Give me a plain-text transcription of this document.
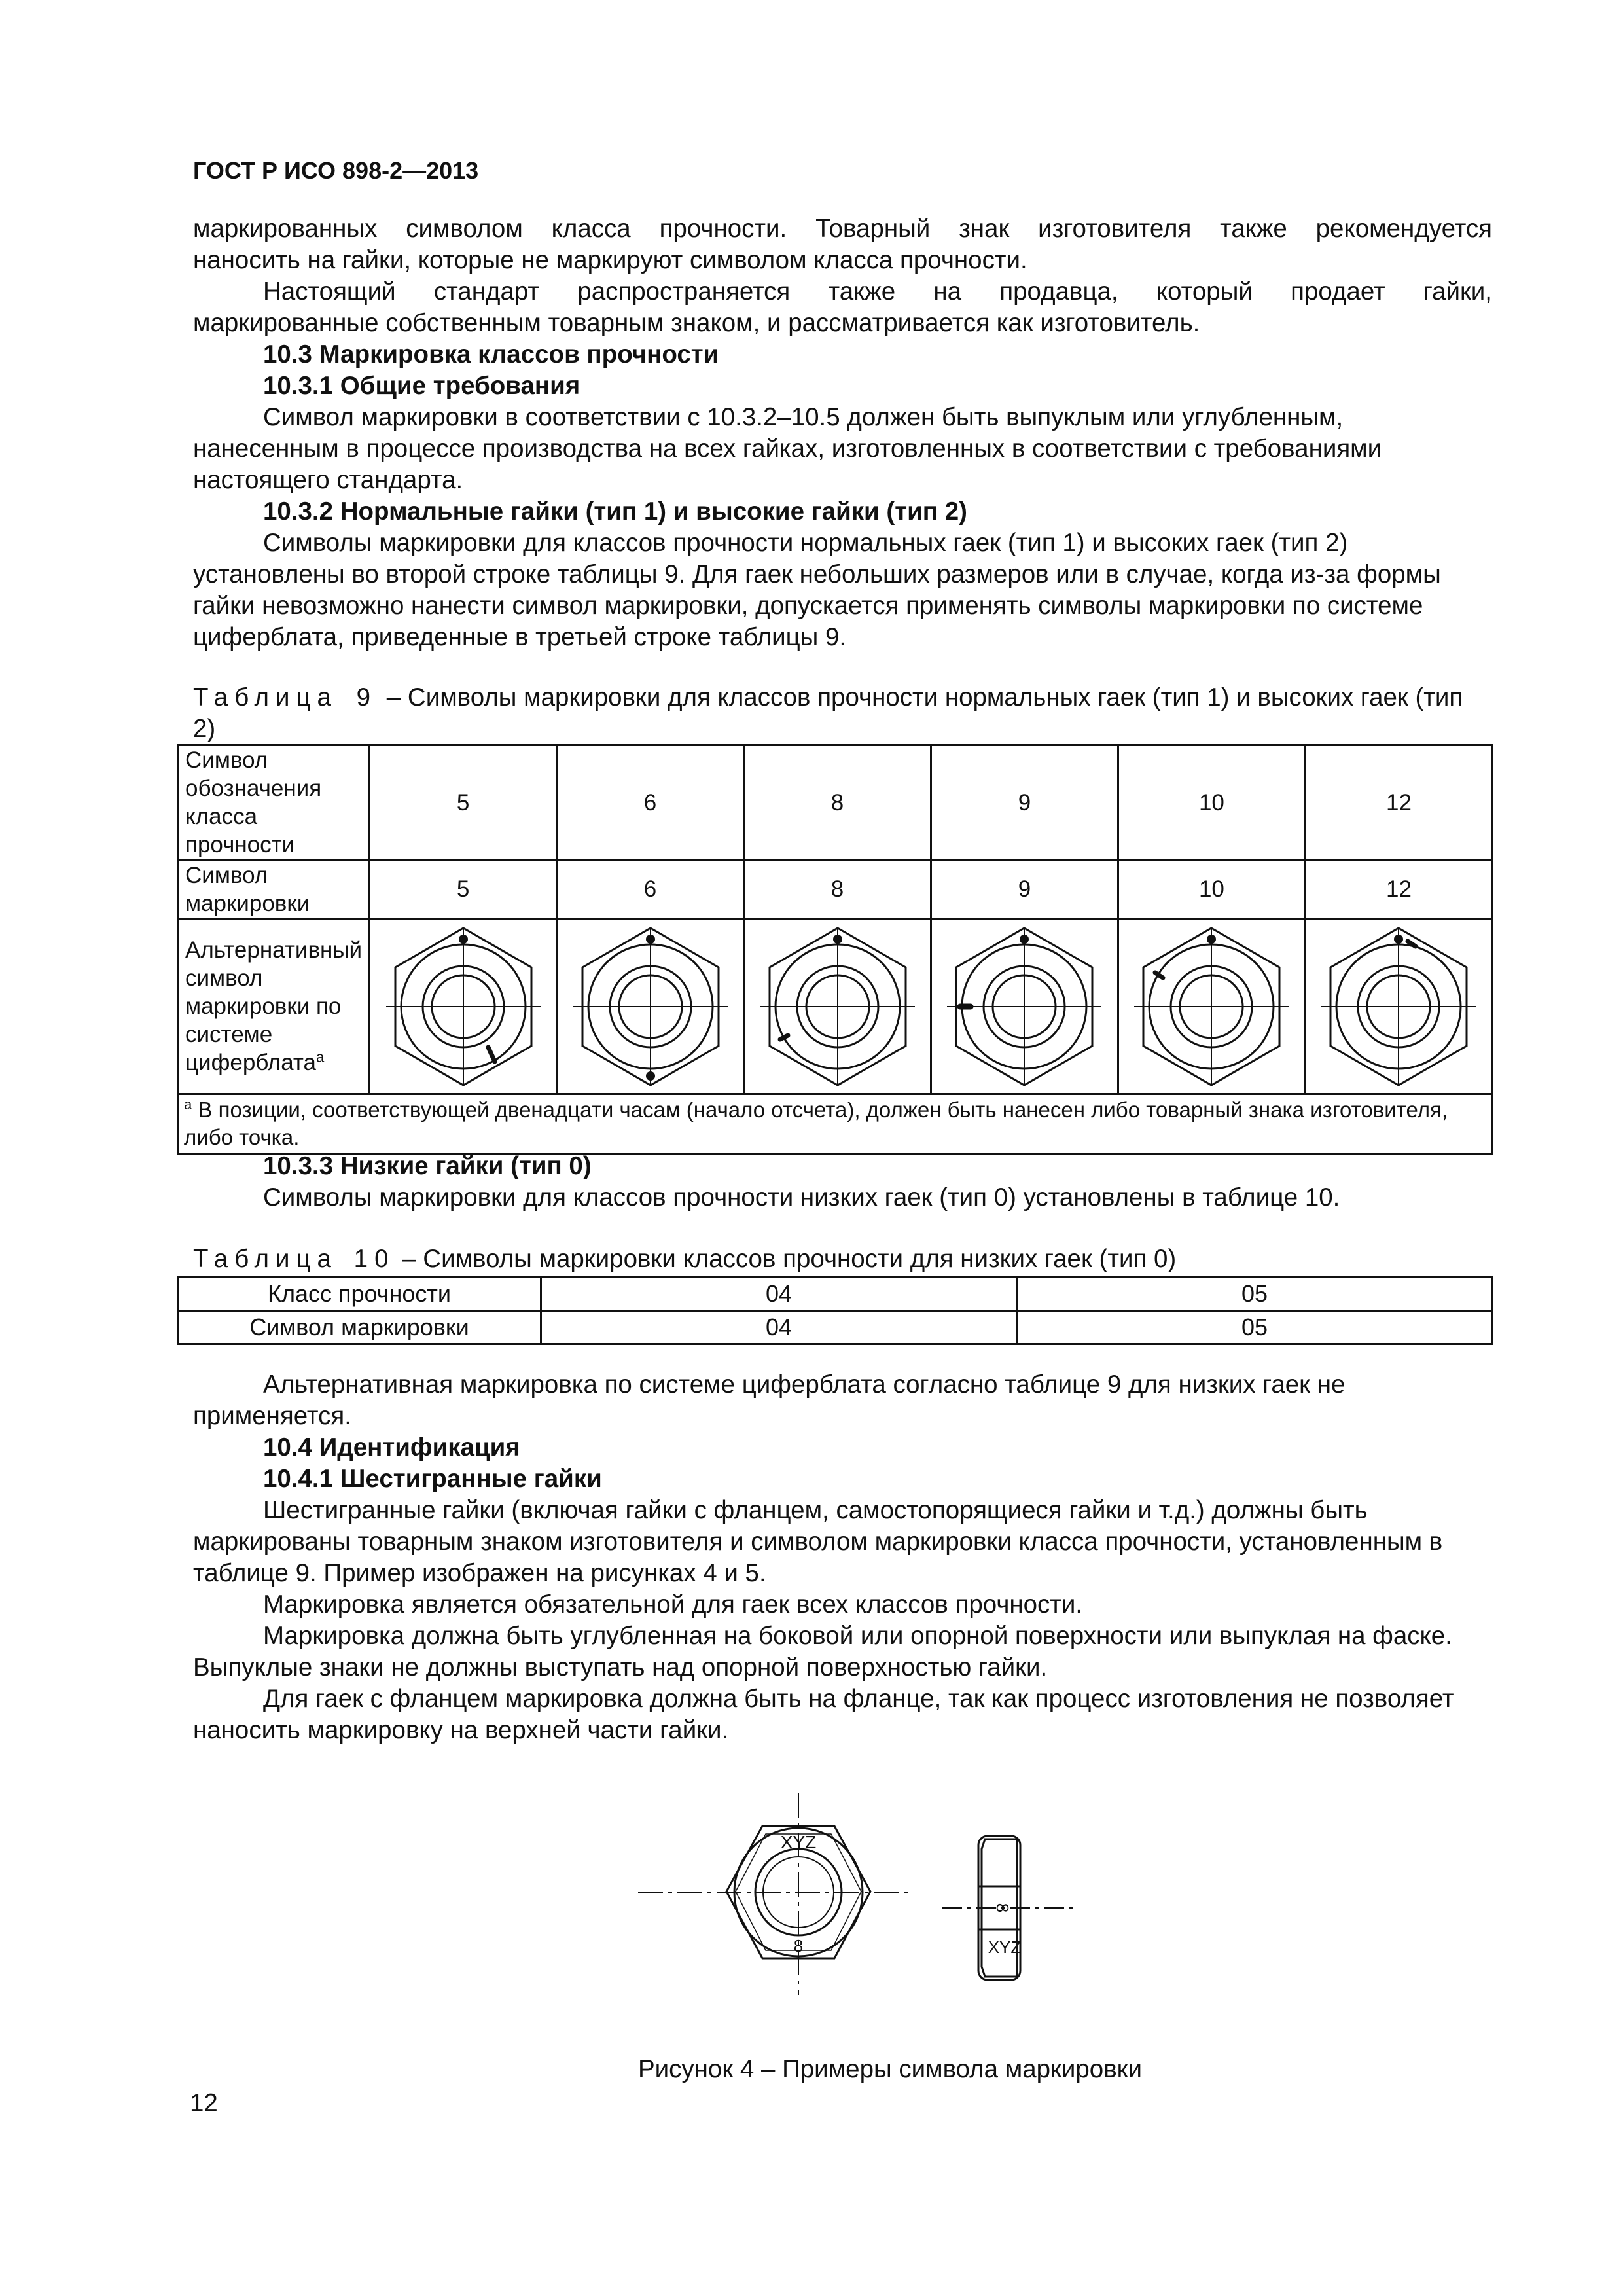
ГОСТ Р ИСО 898-2—2013

маркированных символом класса прочности. Товарный знак изготовителя также рекомендуется

наносить на гайки, которые не маркируют символом класса прочности.

Настоящий стандарт распространяется также на продавца, который продает гайки,

маркированные собственным товарным знаком, и рассматривается как изготовитель.

10.3 Маркировка классов прочности

10.3.1 Общие требования

Символ маркировки в соответствии с 10.3.2–10.5 должен быть выпуклым или углубленным, нанесенным в процессе производства на всех гайках, изготовленных в соответствии с требованиями настоящего стандарта.

10.3.2 Нормальные гайки (тип 1) и высокие гайки (тип 2)

Символы маркировки для классов прочности нормальных гаек (тип 1) и высоких гаек (тип 2) установлены во второй строке таблицы 9. Для гаек небольших размеров или в случае, когда из-за формы гайки невозможно нанести символ маркировки, допускается применять символы маркировки по системе циферблата, приведенные в третьей строке таблицы 9.

Таблица 9 – Символы маркировки для классов прочности нормальных гаек (тип 1) и высоких гаек (тип 2)
Символ обозначения класса прочности	5	6	8	9	10	12
Символ маркировки	5	6	8	9	10	12
Альтернативный символ маркировки по системе циферблата$^a$	

$^a$ В позиции, соответствующей двенадцати часам (начало отсчета), должен быть нанесен либо товарный знака изготовителя, либо точка.						

10.3.3 Низкие гайки (тип 0)

Символы маркировки для классов прочности низких гаек (тип 0) установлены в таблице 10.

Таблица 10 – Символы маркировки классов прочности для низких гаек (тип 0)
Класс прочности	04	05
Символ маркировки	04	05

Альтернативная маркировка по системе циферблата согласно таблице 9 для низких гаек не применяется.

10.4 Идентификация

10.4.1 Шестигранные гайки

Шестигранные гайки (включая гайки с фланцем, самостопорящиеся гайки и т.д.) должны быть маркированы товарным знаком изготовителя и символом маркировки класса прочности, установленным в таблице 9. Пример изображен на рисунках 4 и 5.

Маркировка является обязательной для гаек всех классов прочности.

Маркировка должна быть углубленная на боковой или опорной поверхности или выпуклая на фаске. Выпуклые знаки не должны выступать над опорной поверхностью гайки.

Для гаек с фланцем маркировка должна быть на фланце, так как процесс изготовления не позволяет наносить маркировку на верхней части гайки.

XYZ
8
8
XYZ
Рисунок 4 – Примеры символа маркировки
12
